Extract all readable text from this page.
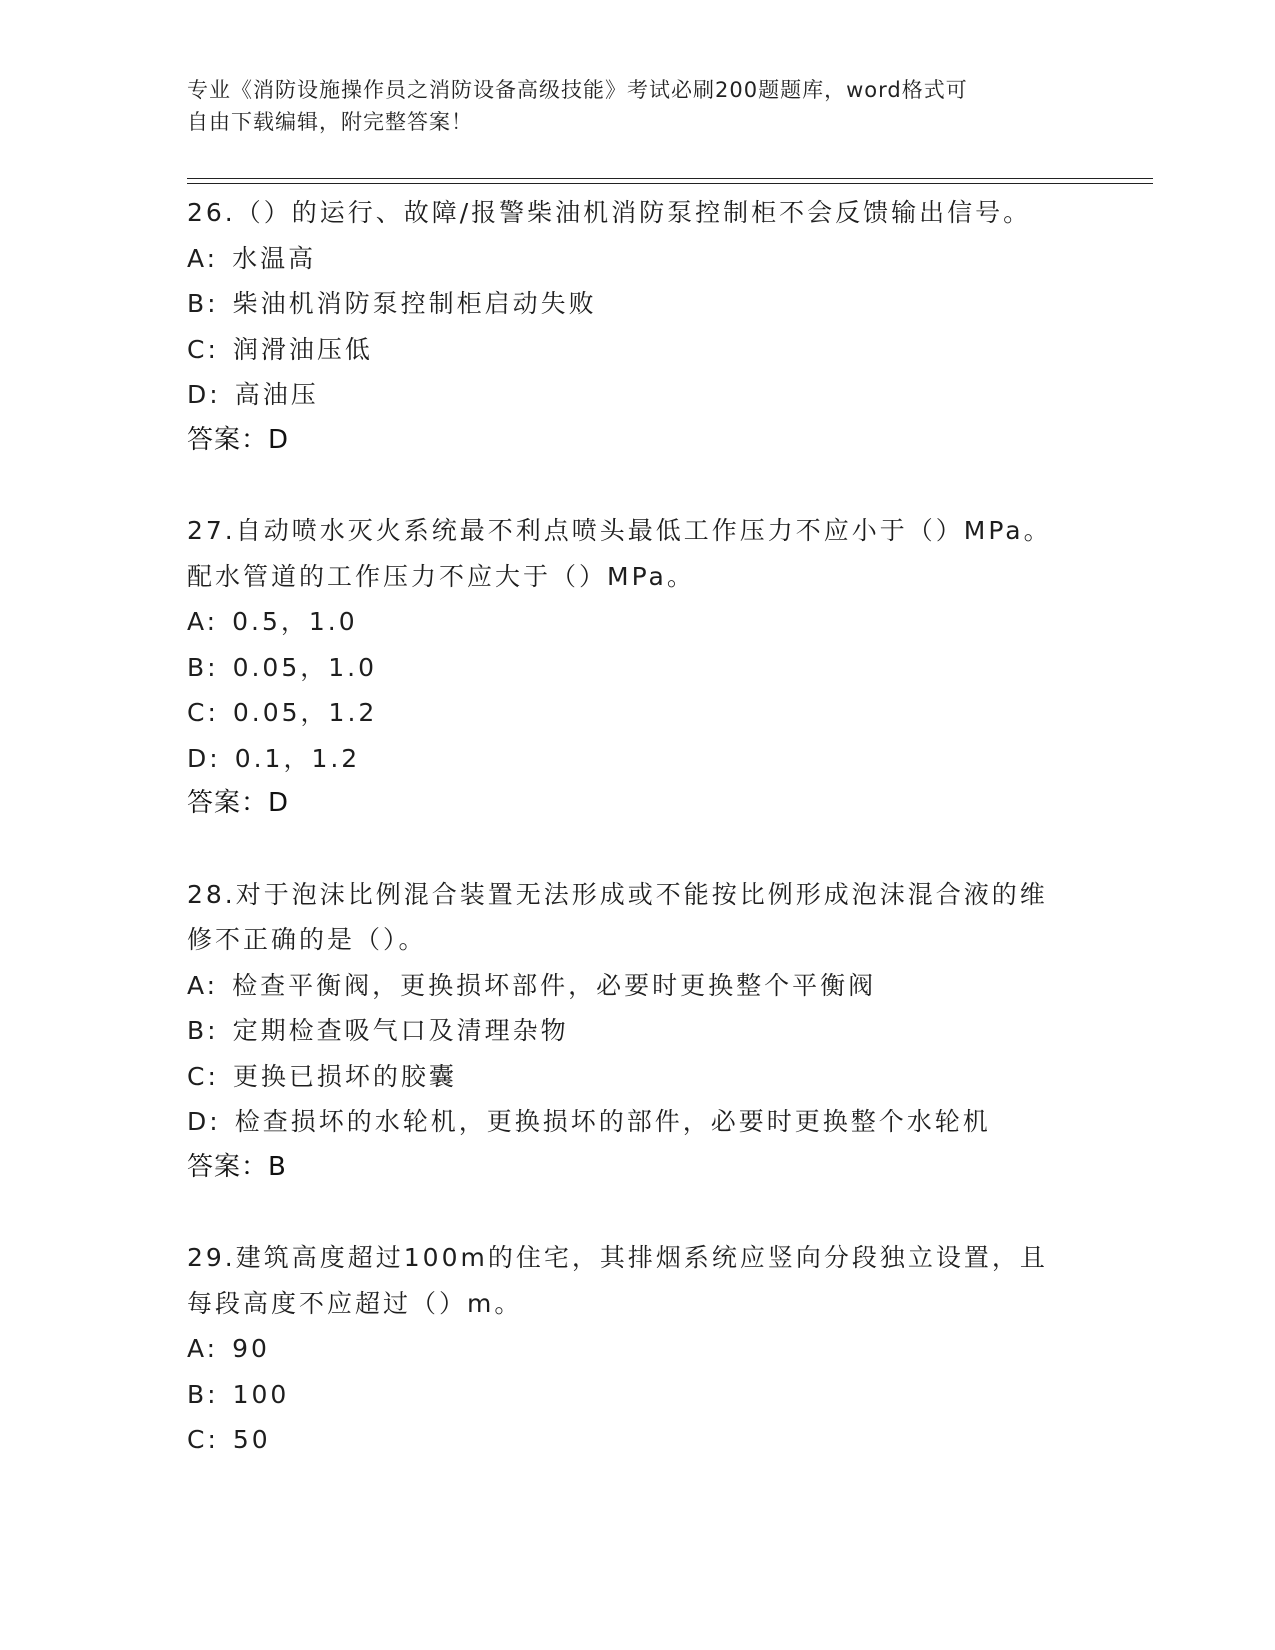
专业《消防设施操作员之消防设备高级技能》考试必刷200题题库，word格式可
自由下载编辑，附完整答案！
26.（）的运行、故障/报警柴油机消防泵控制柜不会反馈输出信号。
A: 水温高
B: 柴油机消防泵控制柜启动失败
C: 润滑油压低
D: 高油压
答案：D
27.自动喷水灭火系统最不利点喷头最低工作压力不应小于（）MPa。
配水管道的工作压力不应大于（）MPa。
A: 0.5，1.0
B: 0.05，1.0
C: 0.05，1.2
D: 0.1，1.2
答案：D
28.对于泡沫比例混合装置无法形成或不能按比例形成泡沫混合液的维
修不正确的是（）。
A: 检查平衡阀，更换损坏部件，必要时更换整个平衡阀
B: 定期检查吸气口及清理杂物
C: 更换已损坏的胶囊
D: 检查损坏的水轮机，更换损坏的部件，必要时更换整个水轮机
答案：B
29.建筑高度超过100m的住宅，其排烟系统应竖向分段独立设置，且
每段高度不应超过（）m。
A: 90
B: 100
C: 50
